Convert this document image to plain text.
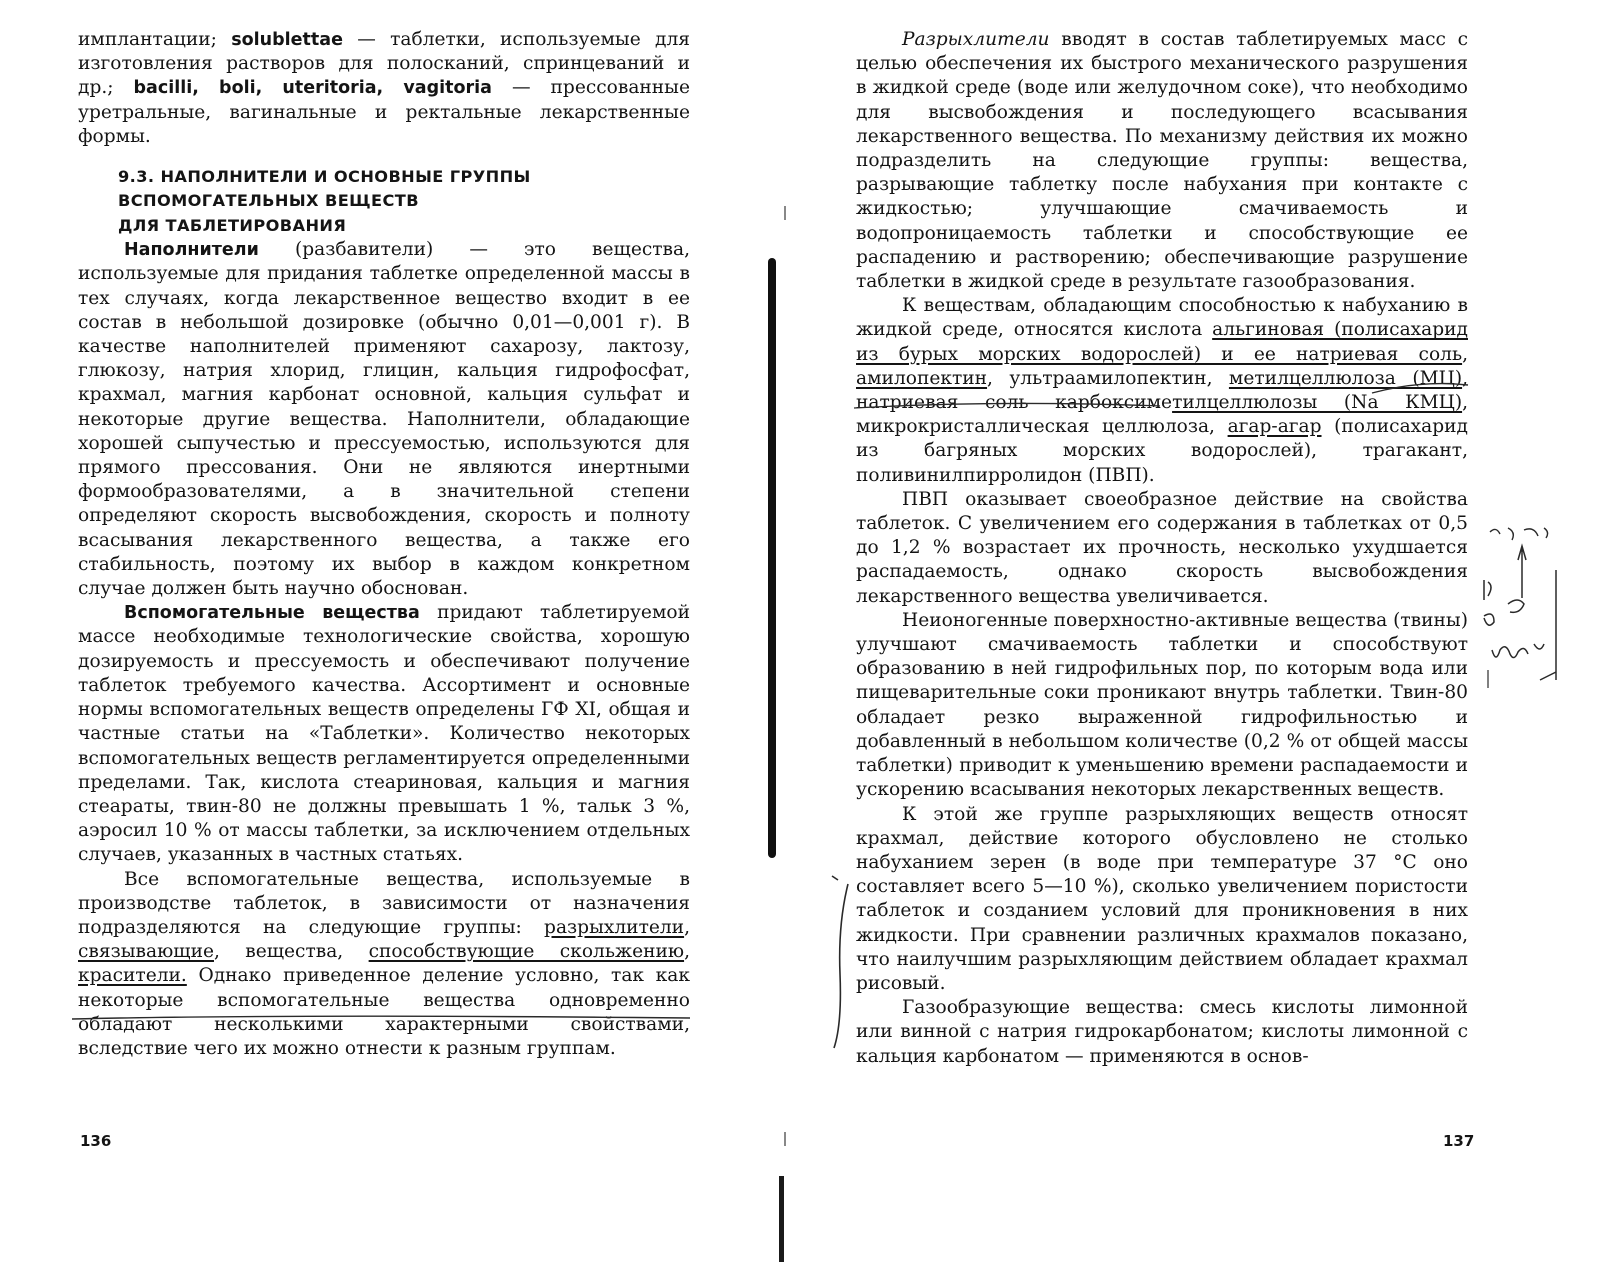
имплантации; solublettae — таблетки, используемые для изготовления растворов для полосканий, спринцеваний и др.; bacilli, boli, uteritoria, vagitoria — прессованные уретральные, вагинальные и ректальные лекарственные формы.

9.3. НАПОЛНИТЕЛИ И ОСНОВНЫЕ ГРУППЫ
ВСПОМОГАТЕЛЬНЫХ ВЕЩЕСТВ
ДЛЯ ТАБЛЕТИРОВАНИЯ

Наполнители (разбавители) — это вещества, используемые для придания таблетке определенной массы в тех случаях, когда лекарственное вещество входит в ее состав в небольшой дозировке (обычно 0,01—0,001 г). В качестве наполнителей применяют сахарозу, лактозу, глюкозу, натрия хлорид, глицин, кальция гидрофосфат, крахмал, магния карбонат основной, кальция сульфат и некоторые другие вещества. Наполнители, обладающие хорошей сыпучестью и прессуемостью, используются для прямого прессования. Они не являются инертными формообразователями, а в значительной степени определяют скорость высвобождения, скорость и полноту всасывания лекарственного вещества, а также его стабильность, поэтому их выбор в каждом конкретном случае должен быть научно обоснован.

Вспомогательные вещества придают таблетируемой массе необходимые технологические свойства, хорошую дозируемость и прессуемость и обеспечивают получение таблеток требуемого качества. Ассортимент и основные нормы вспомогательных веществ определены ГФ XI, общая и частные статьи на «Таблетки». Количество некоторых вспомогательных веществ регламентируется определенными пределами. Так, кислота стеариновая, кальция и магния стеараты, твин-80 не должны превышать 1 %, тальк 3 %, аэросил 10 % от массы таблетки, за исключением отдельных случаев, указанных в частных статьях.

Все вспомогательные вещества, используемые в производстве таблеток, в зависимости от назначения подразделяются на следующие группы: разрыхлители, связывающие, вещества, способствующие скольжению, красители. Однако приведенное деление условно, так как некоторые вспомогательные вещества одновременно обладают несколькими характерными свойствами, вследствие чего их можно отнести к разным группам.

136

Разрыхлители вводят в состав таблетируемых масс с целью обеспечения их быстрого механического разрушения в жидкой среде (воде или желудочном соке), что необходимо для высвобождения и последующего всасывания лекарственного вещества. По механизму действия их можно подразделить на следующие группы: вещества, разрывающие таблетку после набухания при контакте с жидкостью; улучшающие смачиваемость и водопроницаемость таблетки и способствующие ее распадению и растворению; обеспечивающие разрушение таблетки в жидкой среде в результате газообразования.

К веществам, обладающим способностью к набуханию в жидкой среде, относятся кислота альгиновая (полисахарид из бурых морских водорослей) и ее натриевая соль, амилопектин, ультраамилопектин, метилцеллюлоза (МЦ), натриевая соль карбоксиметилцеллюлозы (Na КМЦ), микрокристаллическая целлюлоза, агар-агар (полисахарид из багряных морских водорослей), трагакант, поливинилпирролидон (ПВП).

ПВП оказывает своеобразное действие на свойства таблеток. С увеличением его содержания в таблетках от 0,5 до 1,2 % возрастает их прочность, несколько ухудшается распадаемость, однако скорость высвобождения лекарственного вещества увеличивается.

Неионогенные поверхностно-активные вещества (твины) улучшают смачиваемость таблетки и способствуют образованию в ней гидрофильных пор, по которым вода или пищеварительные соки проникают внутрь таблетки. Твин-80 обладает резко выраженной гидрофильностью и добавленный в небольшом количестве (0,2 % от общей массы таблетки) приводит к уменьшению времени распадаемости и ускорению всасывания некоторых лекарственных веществ.

К этой же группе разрыхляющих веществ относят крахмал, действие которого обусловлено не столько набуханием зерен (в воде при температуре 37 °С оно составляет всего 5—10 %), сколько увеличением пористости таблеток и созданием условий для проникновения в них жидкости. При сравнении различных крахмалов показано, что наилучшим разрыхляющим действием обладает крахмал рисовый.

Газообразующие вещества: смесь кислоты лимонной или винной с натрия гидрокарбонатом; кислоты лимонной с кальция карбонатом — применяются в основ-

137
